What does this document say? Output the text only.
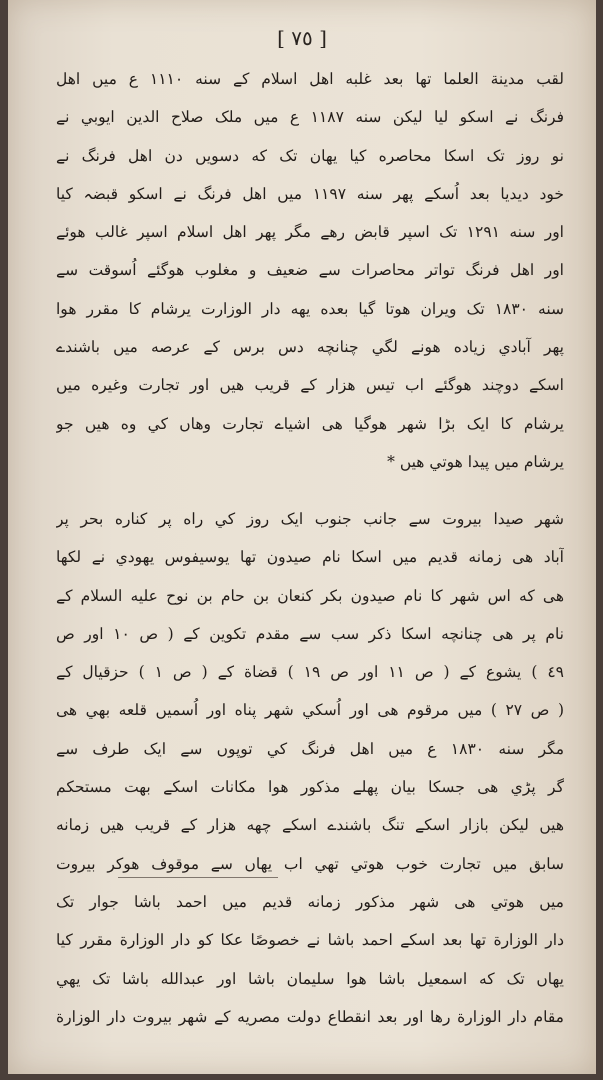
[ ٧٥ ]

لقب مدينة العلما تها بعد غلبه اهل اسلام كے سنه ١١١٠ ع ميں اهل

فرنگ نے اسكو ليا ليكن سنه ١١٨٧ ع ميں ملک صلاح الدين ايوبي نے

نو روز تک اسكا محاصره كيا يهان تک كه دسويں دن اهل فرنگ نے

خود ديديا بعد اُسكے پهر سنه ١١٩٧ ميں اهل فرنگ نے اسكو قبضہ كيا

اور سنه ١٢٩١ تک اسپر قابض رهے مگر پهر اهل اسلام اسپر غالب هوئے

اور اهل فرنگ تواتر محاصرات سے ضعيف و مغلوب هوگئے اُسوقت سے

سنه ١٨٣٠ تک ويران هوتا گيا بعده يهه دار الوزارت يرشام كا مقرر هوا

پهر آبادي زياده هونے لگي چنانچه دس برس كے عرصه ميں باشندے

اسكے دوچند هوگئے اب تيس هزار كے قريب هيں اور تجارت وغيره ميں

يرشام كا ايک بڑا شهر هوگيا هی اشياے تجارت وهاں كي وه هيں جو

يرشام ميں پيدا هوتي هيں *

شهر صيدا بيروت سے جانب جنوب ايک روز كي راه پر كناره بحر پر

آباد هی زمانه قديم ميں اسكا نام صيدون تها يوسيفوس يهودي نے لكها

هی كه اس شهر كا نام صيدون بكر كنعان بن حام بن نوح عليه السلام كے

نام پر هی چنانچه اسكا ذكر سب سے مقدم تكوين كے ( ص ١٠ اور ص

٤٩ ) يشوع كے ( ص ١١ اور ص ١٩ ) قضاة كے ( ص ١ ) حزقيال كے

( ص ٢٧ ) ميں مرقوم هی اور اُسكي شهر پناه اور اُسميں قلعه بهي هی

مگر سنه ١٨٣٠ ع ميں اهل فرنگ كي توپوں سے ايک طرف سے

گر پڑي هی جسكا بيان پهلے مذكور هوا مكانات اسكے بهت مستحكم

هيں ليكن بازار اسكے تنگ باشندے اسكے چهه هزار كے قريب هيں زمانه

سابق ميں تجارت خوب هوتي تهي اب يهاں سے موقوف هوكر بيروت

ميں هوتي هی شهر مذكور زمانه قديم ميں احمد باشا جوار تک

دار الوزارة تها بعد اسكے احمد باشا نے خصوصًا عكا كو دار الوزارة مقرر كيا

يهاں تک كه اسمعيل باشا هوا سليمان باشا اور عبدالله باشا تک يهي

مقام دار الوزارة رها اور بعد انقطاع دولت مصريه كے شهر بيروت دار الوزارة
